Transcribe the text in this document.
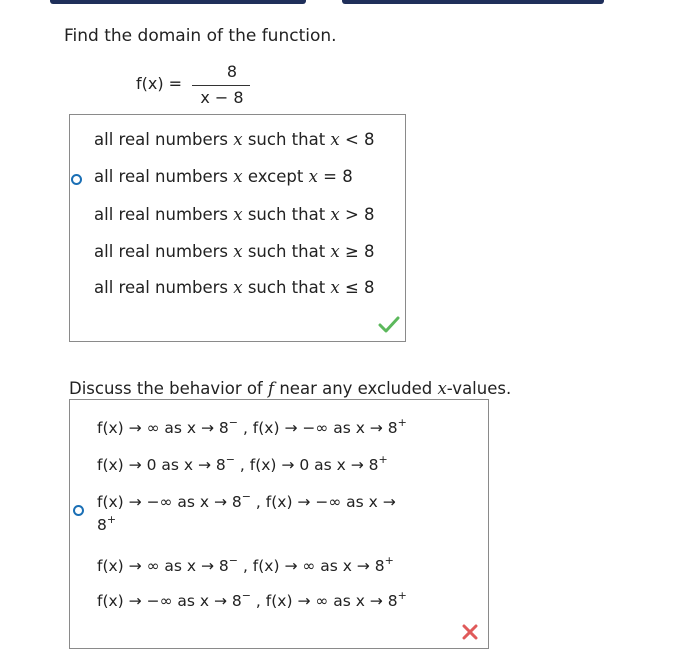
Find the domain of the function.
f(x) =
8
x − 8
all real numbers x such that x < 8
all real numbers x except x = 8
all real numbers x such that x > 8
all real numbers x such that x ≥ 8
all real numbers x such that x ≤ 8
Discuss the behavior of f near any excluded x-values.
f(x) → ∞ as x → 8− , f(x) → −∞ as x → 8+
f(x) → 0 as x → 8− , f(x) → 0 as x → 8+
f(x) → −∞ as x → 8− , f(x) → −∞ as x →
8+
f(x) → ∞ as x → 8− , f(x) → ∞ as x → 8+
f(x) → −∞ as x → 8− , f(x) → ∞ as x → 8+
